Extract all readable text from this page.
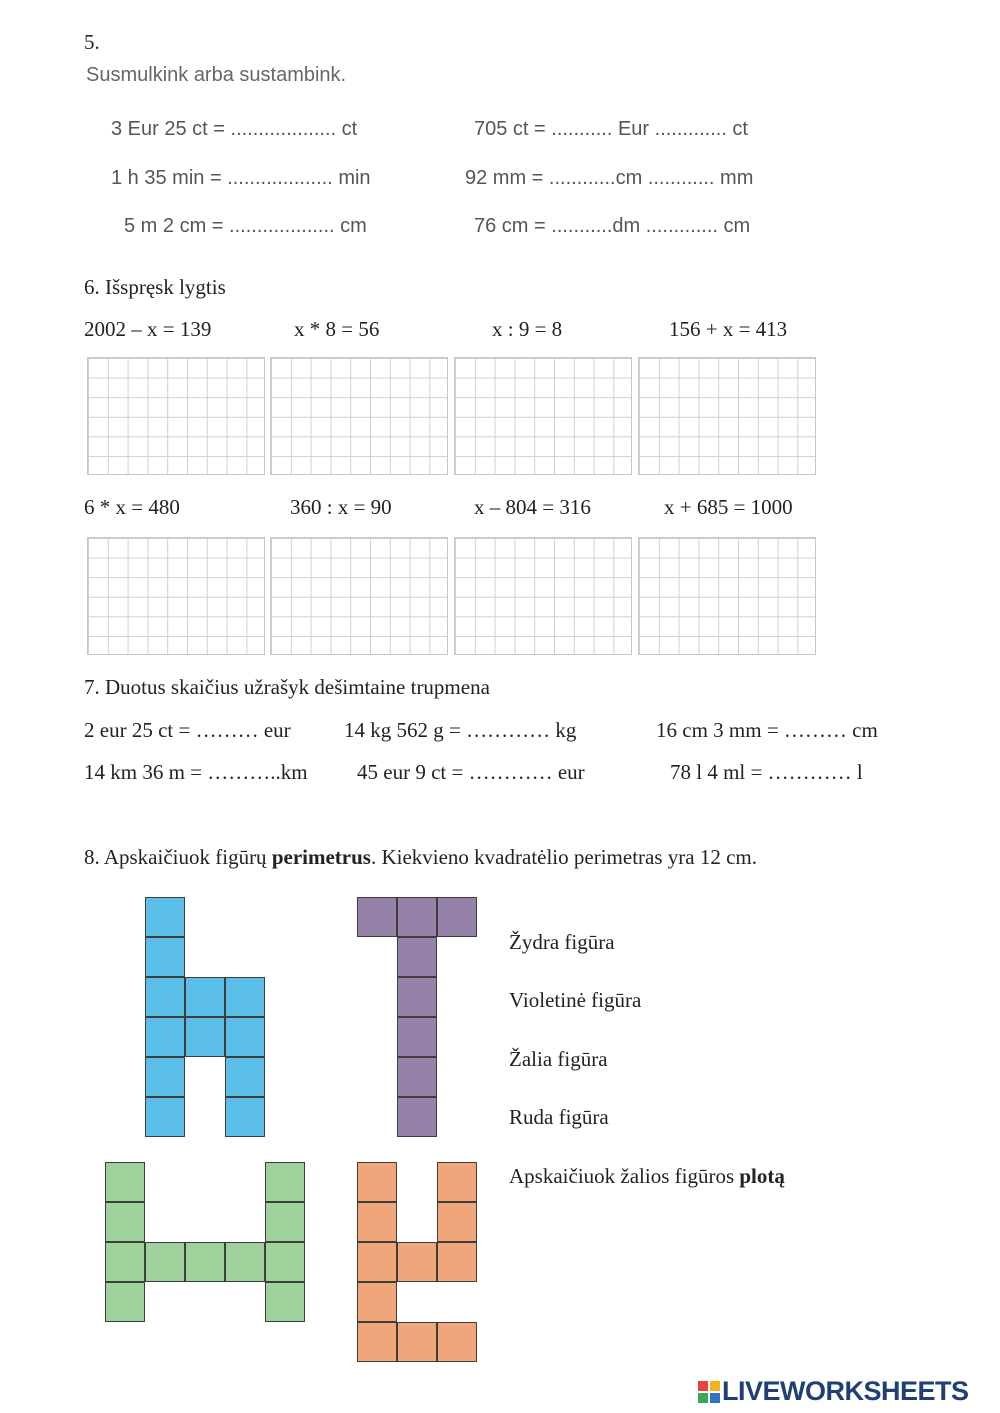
5.
Susmulkink arba sustambink.
3 Eur 25 ct = ................... ct	705 ct = ........... Eur ............. ct
1 h 35 min = ................... min	92 mm = ............cm ............ mm
5 m 2 cm = ................... cm	76 cm = ...........dm ............. cm
6. Išspręsk lygtis
2002 – x = 139	x * 8 = 56	x : 9 = 8	156 + x = 413
6 * x = 480	360 : x = 90	x – 804 = 316	x + 685 = 1000
7. Duotus skaičius užrašyk dešimtaine trupmena
2 eur 25 ct = ……… eur	14 kg 562 g = ………… kg	16 cm 3 mm = ……… cm
14 km 36 m = ………..km 45 eur 9 ct = ………… eur	78 l 4 ml = ………… l
8. Apskaičiuok figūrų perimetrus. Kiekvieno kvadratėlio perimetras yra 12 cm.
Žydra figūra
Violetinė figūra
Žalia figūra
Ruda figūra
Apskaičiuok žalios figūros plotą
LIVEWORKSHEETS
